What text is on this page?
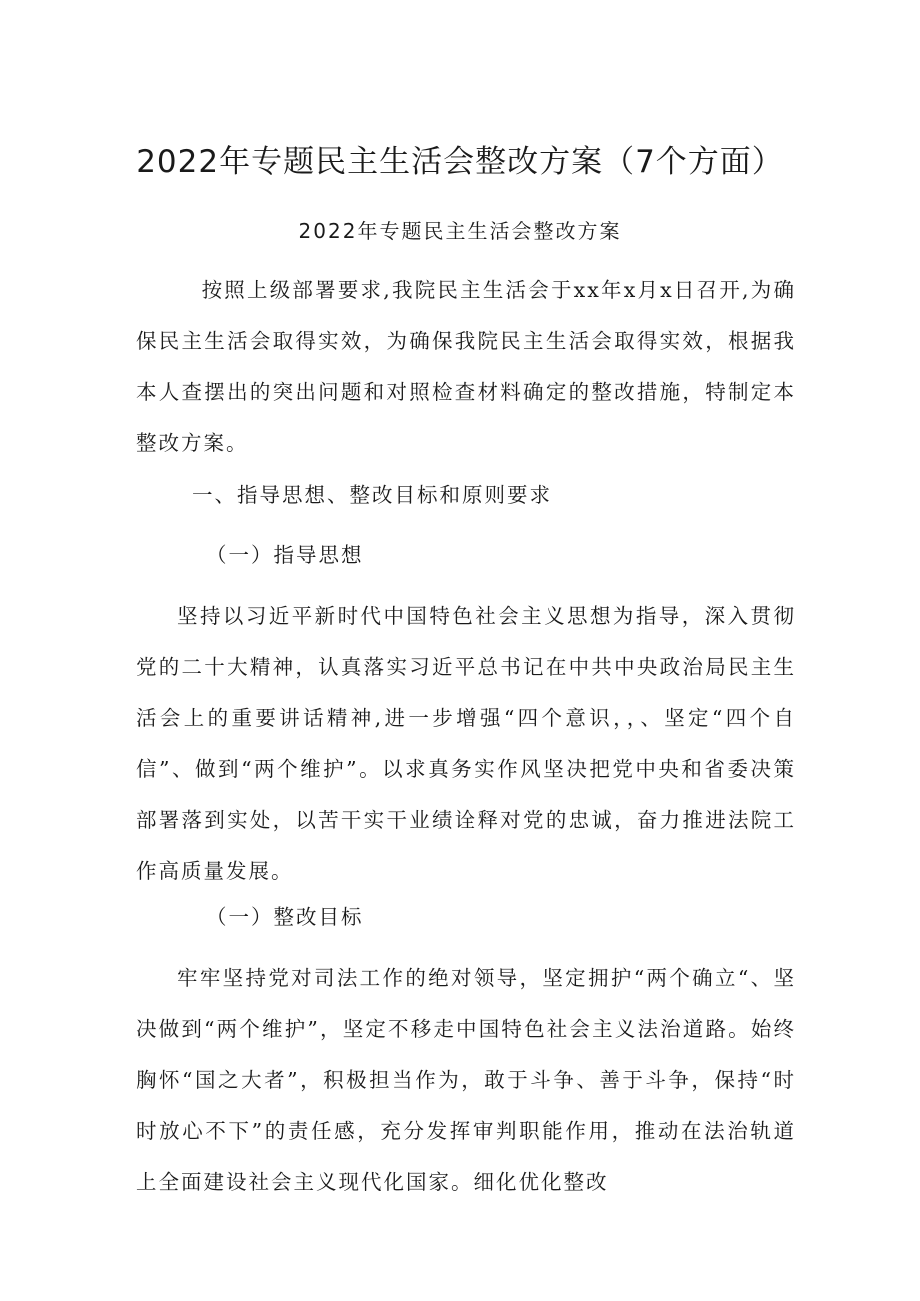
2022年专题民主生活会整改方案（7个方面）
2022年专题民主生活会整改方案

按照上级部署要求,我院民主生活会于xx年x月x日召开,为确保民主生活会取得实效，为确保我院民主生活会取得实效，根据我本人查摆出的突出问题和对照检查材料确定的整改措施，特制定本整改方案。

一、指导思想、整改目标和原则要求
（一）指导思想

坚持以习近平新时代中国特色社会主义思想为指导，深入贯彻党的二十大精神，认真落实习近平总书记在中共中央政治局民主生活会上的重要讲话精神,进一步增强“四个意识，，、坚定“四个自信”、做到“两个维护”。以求真务实作风坚决把党中央和省委决策部署落到实处，以苦干实干业绩诠释对党的忠诚，奋力推进法院工作高质量发展。

（一）整改目标

牢牢坚持党对司法工作的绝对领导，坚定拥护“两个确立“、坚决做到“两个维护”，坚定不移走中国特色社会主义法治道路。始终胸怀“国之大者”，积极担当作为，敢于斗争、善于斗争，保持“时时放心不下”的责任感，充分发挥审判职能作用，推动在法治轨道上全面建设社会主义现代化国家。细化优化整改
